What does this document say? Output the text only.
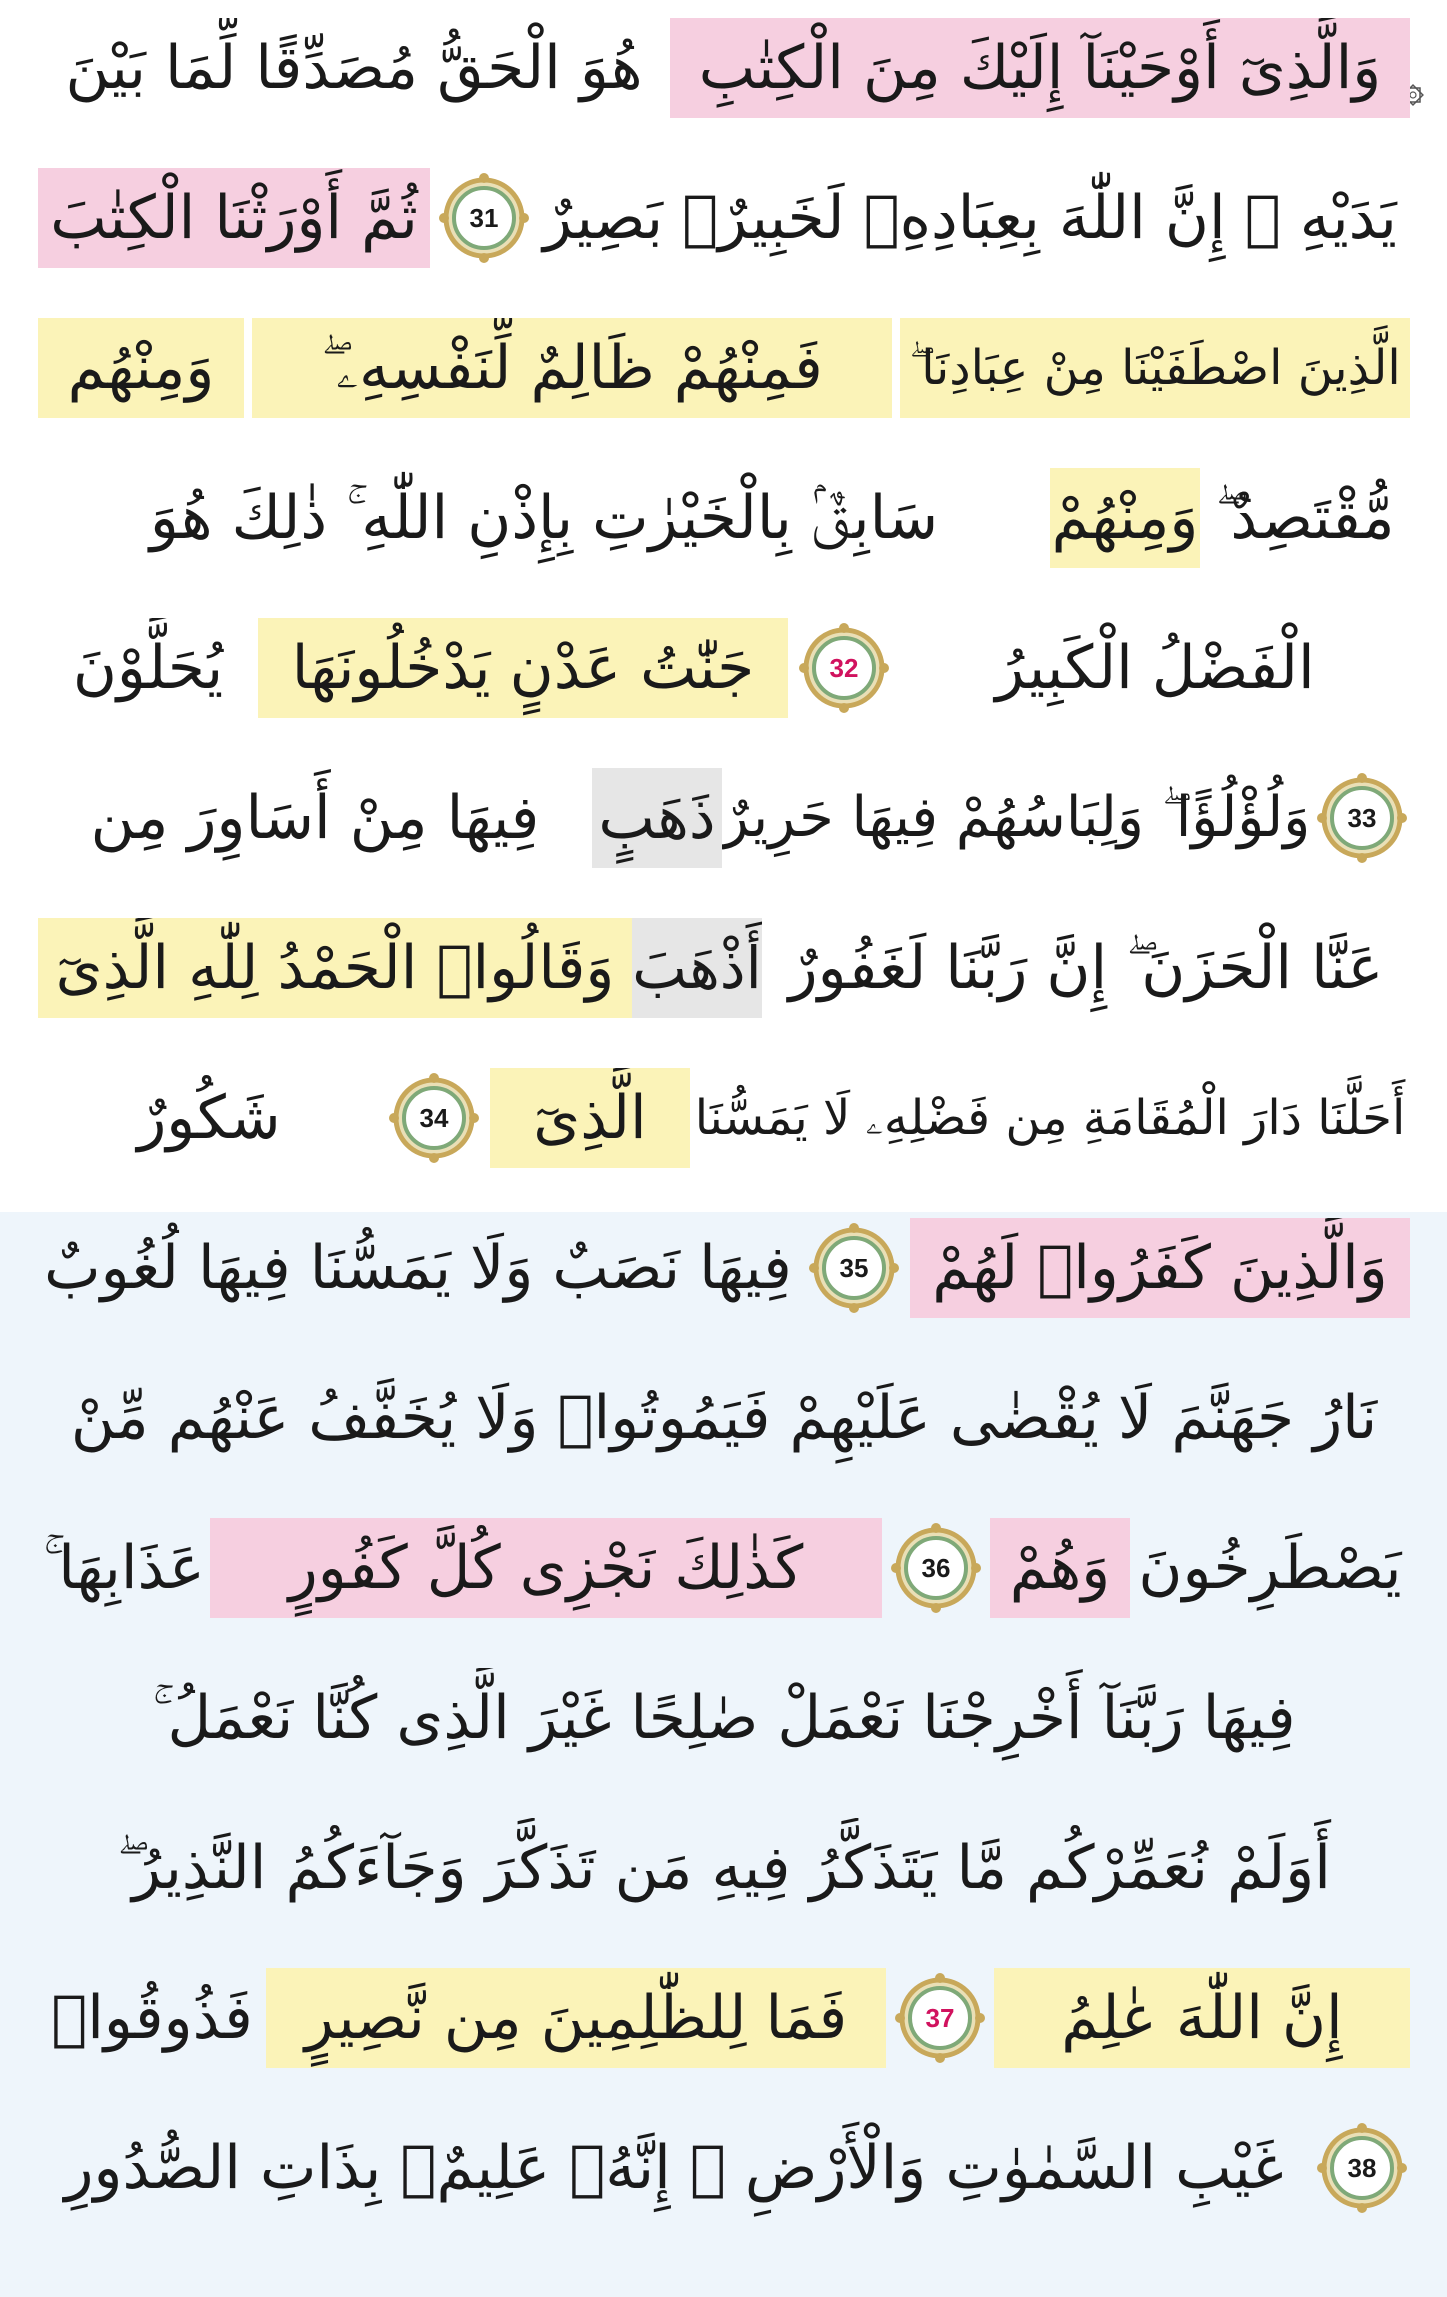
وَالَّذِىٓ أَوْحَيْنَآ إِلَيْكَ مِنَ الْكِتٰبِ
هُوَ الْحَقُّ مُصَدِّقًا لِّمَا بَيْنَ
يَدَيْهِ ۗ إِنَّ اللّٰهَ بِعِبَادِهِۦ لَخَبِيرٌۢ بَصِيرٌ
31
ثُمَّ أَوْرَثْنَا الْكِتٰبَ
الَّذِينَ اصْطَفَيْنَا مِنْ عِبَادِنَا ۖ
فَمِنْهُمْ ظَالِمٌ لِّنَفْسِهِۦ ۖ
وَمِنْهُم
مُّقْتَصِدٌ ۖ
وَمِنْهُمْ
سَابِقٌۢ بِالْخَيْرٰتِ بِإِذْنِ اللّٰهِ ۚ ذٰلِكَ هُوَ
الْفَضْلُ الْكَبِيرُ
32
جَنّٰتُ عَدْنٍ يَدْخُلُونَهَا
يُحَلَّوْنَ
33
وَلُؤْلُؤًا ۖ وَلِبَاسُهُمْ فِيهَا حَرِيرٌ
ذَهَبٍ
فِيهَا مِنْ أَسَاوِرَ مِن
عَنَّا الْحَزَنَ ۖ إِنَّ رَبَّنَا لَغَفُورٌ
أَذْهَبَ
وَقَالُوا۟ الْحَمْدُ لِلّٰهِ الَّذِىٓ
أَحَلَّنَا دَارَ الْمُقَامَةِ مِن فَضْلِهِۦ لَا يَمَسُّنَا
الَّذِىٓ
34
شَكُورٌ
وَالَّذِينَ كَفَرُوا۟ لَهُمْ
35
فِيهَا نَصَبٌ وَلَا يَمَسُّنَا فِيهَا لُغُوبٌ
نَارُ جَهَنَّمَ لَا يُقْضٰى عَلَيْهِمْ فَيَمُوتُوا۟ وَلَا يُخَفَّفُ عَنْهُم مِّنْ
يَصْطَرِخُونَ
وَهُمْ
36
كَذٰلِكَ نَجْزِى كُلَّ كَفُورٍ
عَذَابِهَا ۚ
فِيهَا رَبَّنَآ أَخْرِجْنَا نَعْمَلْ صٰلِحًا غَيْرَ الَّذِى كُنَّا نَعْمَلُ ۚ
أَوَلَمْ نُعَمِّرْكُم مَّا يَتَذَكَّرُ فِيهِ مَن تَذَكَّرَ وَجَآءَكُمُ النَّذِيرُ ۖ
إِنَّ اللّٰهَ عٰلِمُ
37
فَمَا لِلظّٰلِمِينَ مِن نَّصِيرٍ
فَذُوقُوا۟
38
غَيْبِ السَّمٰوٰتِ وَالْأَرْضِ ۚ إِنَّهُۥ عَلِيمٌۢ بِذَاتِ الصُّدُورِ
